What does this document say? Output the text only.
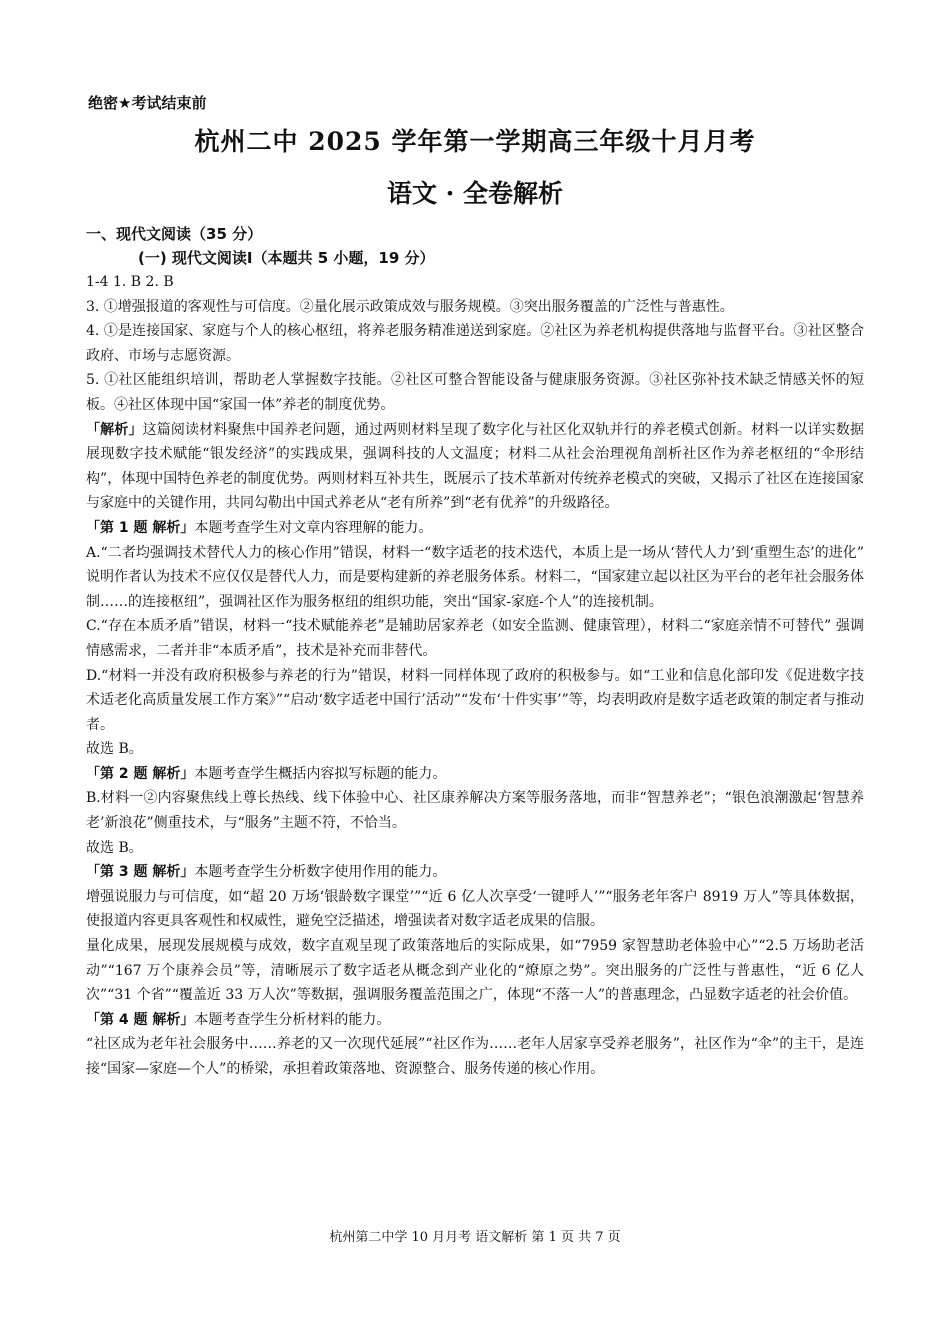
绝密★考试结束前
杭州二中 2025 学年第一学期高三年级十月月考
语文 · 全卷解析
一、现代文阅读（35 分）
(一) 现代文阅读Ⅰ（本题共 5 小题，19 分）

1-4 1. B 2. B

3. ①增强报道的客观性与可信度。②量化展示政策成效与服务规模。③突出服务覆盖的广泛性与普惠性。

4. ①是连接国家、家庭与个人的核心枢纽，将养老服务精准递送到家庭。②社区为养老机构提供落地与监督平台。③社区整合政府、市场与志愿资源。

5. ①社区能组织培训，帮助老人掌握数字技能。②社区可整合智能设备与健康服务资源。③社区弥补技术缺乏情感关怀的短板。④社区体现中国“家国一体”养老的制度优势。

「解析」这篇阅读材料聚焦中国养老问题，通过两则材料呈现了数字化与社区化双轨并行的养老模式创新。材料一以详实数据展现数字技术赋能“银发经济”的实践成果，强调科技的人文温度；材料二从社会治理视角剖析社区作为养老枢纽的“伞形结构”，体现中国特色养老的制度优势。两则材料互补共生，既展示了技术革新对传统养老模式的突破，又揭示了社区在连接国家与家庭中的关键作用，共同勾勒出中国式养老从“老有所养”到“老有优养”的升级路径。

「第 1 题 解析」本题考查学生对文章内容理解的能力。

A.“二者均强调技术替代人力的核心作用”错误，材料一“数字适老的技术迭代，本质上是一场从‘替代人力’到‘重塑生态’的进化” 说明作者认为技术不应仅仅是替代人力，而是要构建新的养老服务体系。材料二，“国家建立起以社区为平台的老年社会服务体制……的连接枢纽”，强调社区作为服务枢纽的组织功能，突出“国家-家庭-个人”的连接机制。

C.“存在本质矛盾”错误，材料一“技术赋能养老”是辅助居家养老（如安全监测、健康管理），材料二“家庭亲情不可替代” 强调情感需求，二者并非“本质矛盾”，技术是补充而非替代。

D.“材料一并没有政府积极参与养老的行为”错误，材料一同样体现了政府的积极参与。如“工业和信息化部印发《促进数字技术适老化高质量发展工作方案》”“启动‘数字适老中国行’活动”“发布‘十件实事’”等，均表明政府是数字适老政策的制定者与推动者。

故选 B。

「第 2 题 解析」本题考查学生概括内容拟写标题的能力。

B.材料一②内容聚焦线上尊长热线、线下体验中心、社区康养解决方案等服务落地，而非“智慧养老”；“银色浪潮激起‘智慧养老’新浪花”侧重技术，与“服务”主题不符，不恰当。

故选 B。

「第 3 题 解析」本题考查学生分析数字使用作用的能力。

增强说服力与可信度，如“超 20 万场‘银龄数字课堂’”“近 6 亿人次享受‘一键呼人’”“服务老年客户 8919 万人”等具体数据，使报道内容更具客观性和权威性，避免空泛描述，增强读者对数字适老成果的信服。

量化成果，展现发展规模与成效，数字直观呈现了政策落地后的实际成果，如“7959 家智慧助老体验中心”“2.5 万场助老活动”“167 万个康养会员”等，清晰展示了数字适老从概念到产业化的“燎原之势”。突出服务的广泛性与普惠性，“近 6 亿人次”“31 个省”“覆盖近 33 万人次”等数据，强调服务覆盖范围之广，体现“不落一人”的普惠理念，凸显数字适老的社会价值。

「第 4 题 解析」本题考查学生分析材料的能力。

“社区成为老年社会服务中……养老的又一次现代延展”“社区作为……老年人居家享受养老服务”，社区作为“伞”的主干，是连接“国家—家庭—个人”的桥梁，承担着政策落地、资源整合、服务传递的核心作用。

杭州第二中学 10 月月考 语文解析 第 1 页 共 7 页
